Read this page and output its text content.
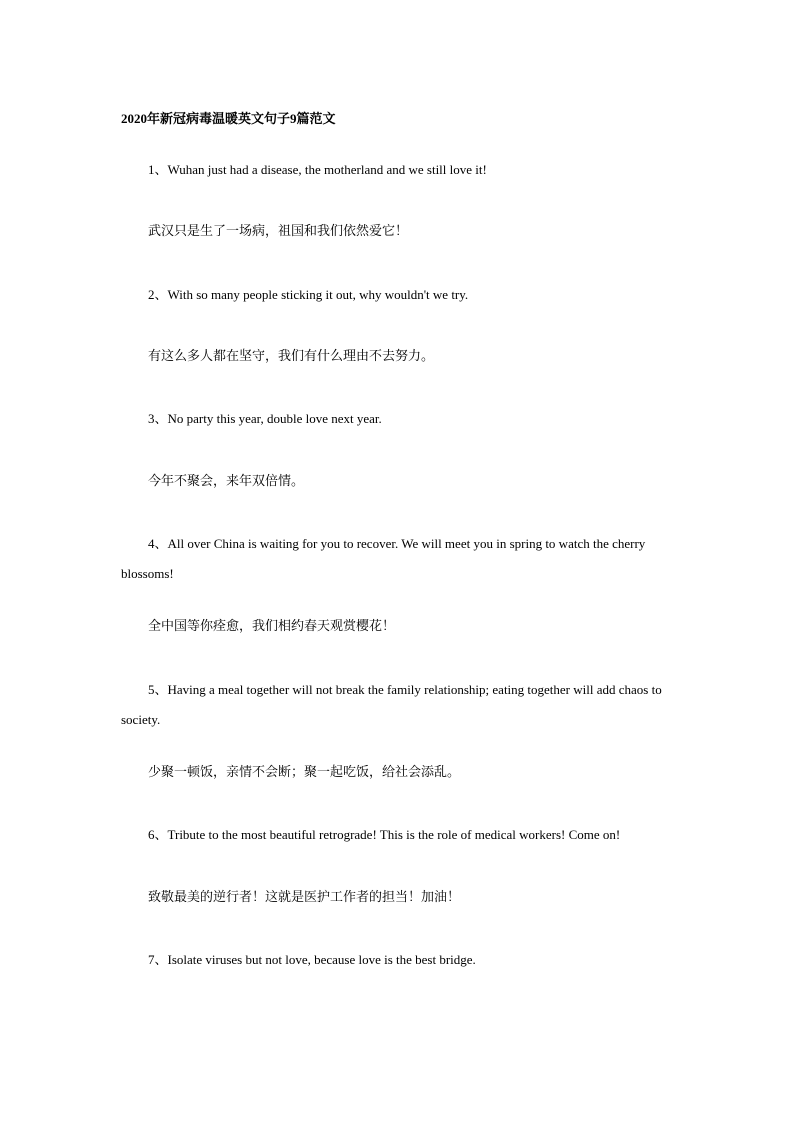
2020年新冠病毒温暖英文句子9篇范文
1、Wuhan just had a disease, the motherland and we still love it!
武汉只是生了一场病，祖国和我们依然爱它！
2、With so many people sticking it out, why wouldn't we try.
有这么多人都在坚守，我们有什么理由不去努力。
3、No party this year, double love next year.
今年不聚会，来年双倍情。
4、All over China is waiting for you to recover. We will meet you in spring to watch the cherry blossoms!
全中国等你痊愈，我们相约春天观赏樱花！
5、Having a meal together will not break the family relationship; eating together will add chaos to society.
少聚一顿饭，亲情不会断；聚一起吃饭，给社会添乱。
6、Tribute to the most beautiful retrograde! This is the role of medical workers! Come on!
致敬最美的逆行者！这就是医护工作者的担当！加油！
7、Isolate viruses but not love, because love is the best bridge.
